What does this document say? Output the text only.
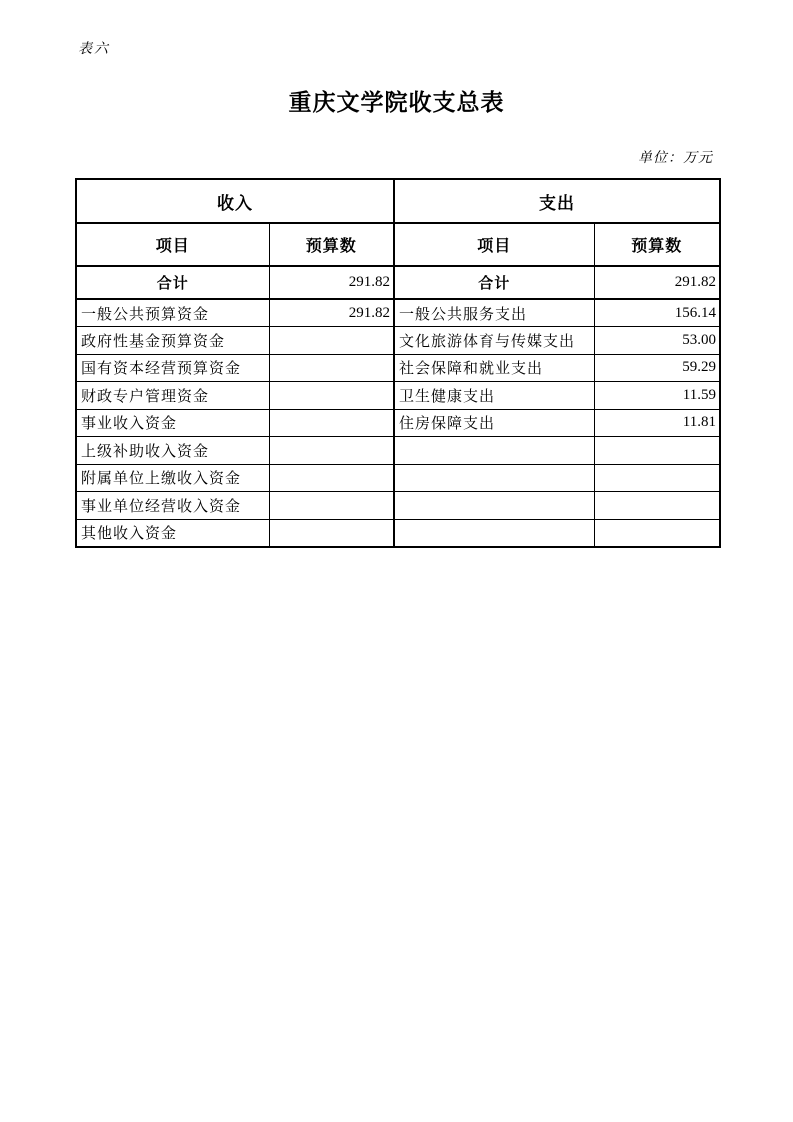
表六
重庆文学院收支总表
单位：万元
收入		支出	
项目	预算数	项目	预算数
合计	291.82	合计	291.82
一般公共预算资金	291.82	一般公共服务支出	156.14
政府性基金预算资金		文化旅游体育与传媒支出	53.00
国有资本经营预算资金		社会保障和就业支出	59.29
财政专户管理资金		卫生健康支出	11.59
事业收入资金		住房保障支出	11.81
上级补助收入资金			
附属单位上缴收入资金			
事业单位经营收入资金			
其他收入资金			
